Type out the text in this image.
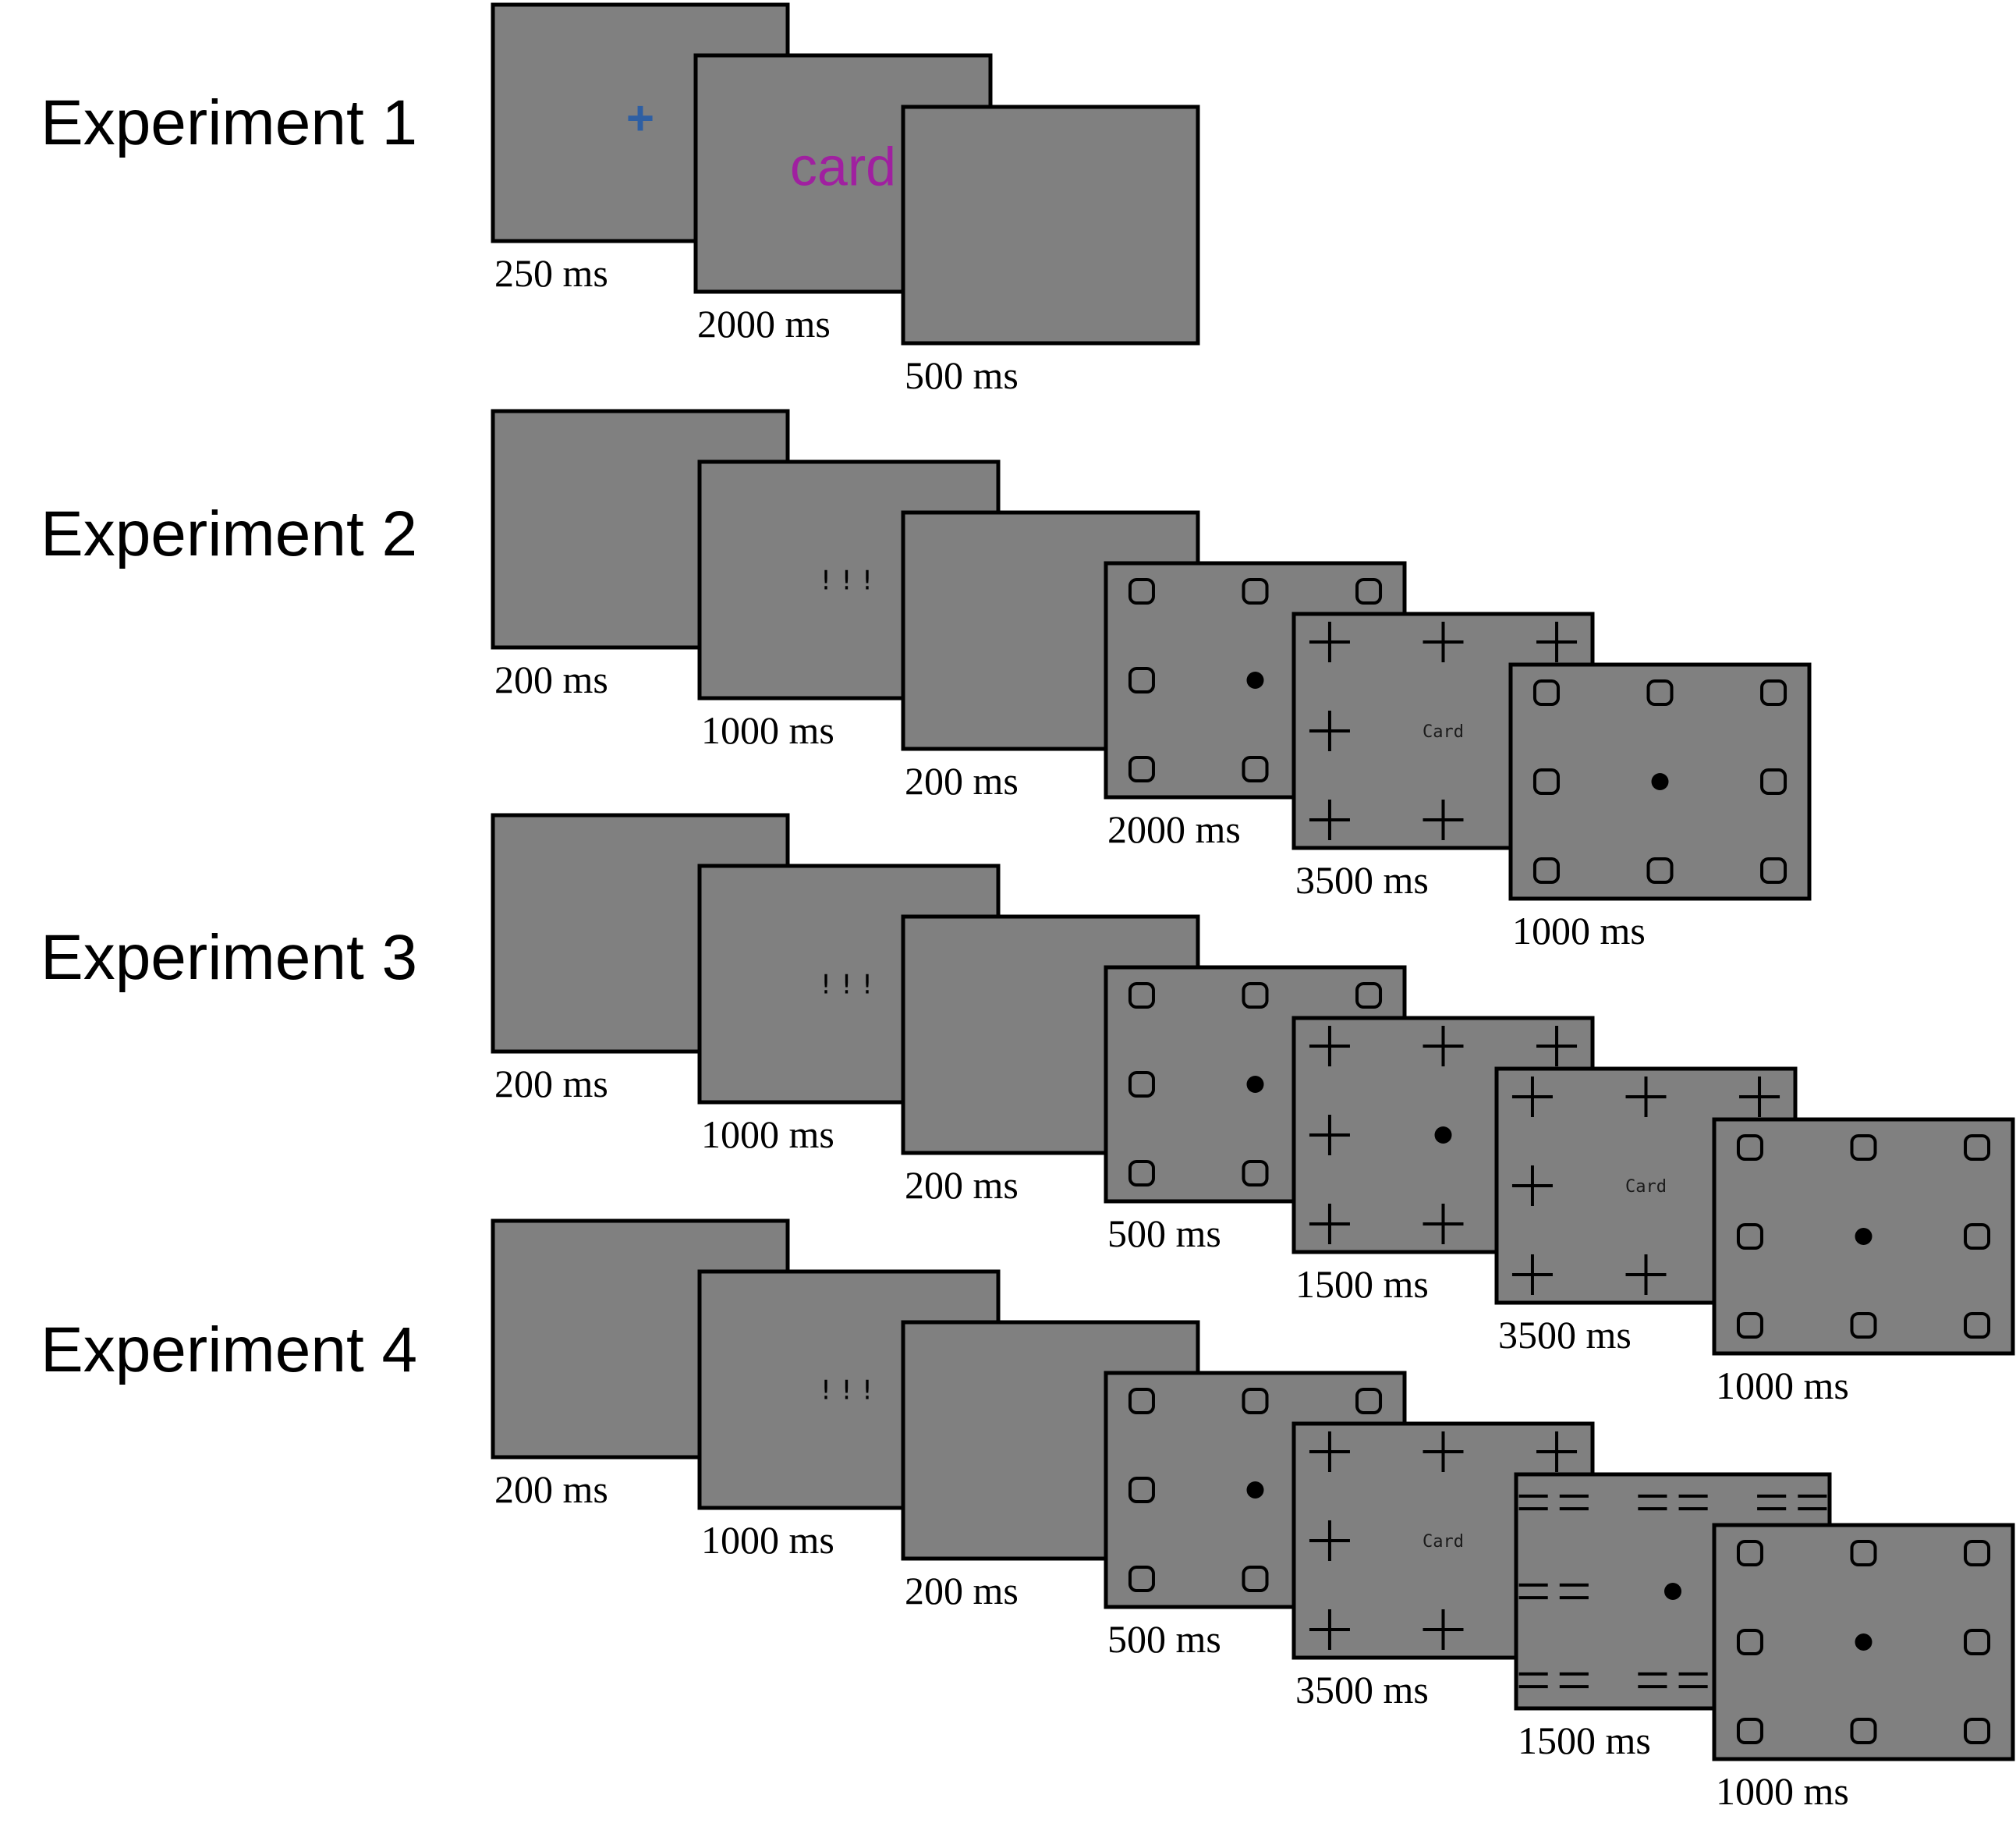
Experiment 1	+
250 ms
card
2000 ms
500 ms
Experiment 2
200 ms
!!!
1000 ms
200 ms
2000 ms
Card
3500 ms
1000 ms
Experiment 3
200 ms
!!!
1000 ms
200 ms
500 ms
1500 ms
Card
3500 ms
1000 ms
Experiment 4
200 ms
!!!
1000 ms
200 ms
500 ms
Card
3500 ms
1500 ms
1000 ms
